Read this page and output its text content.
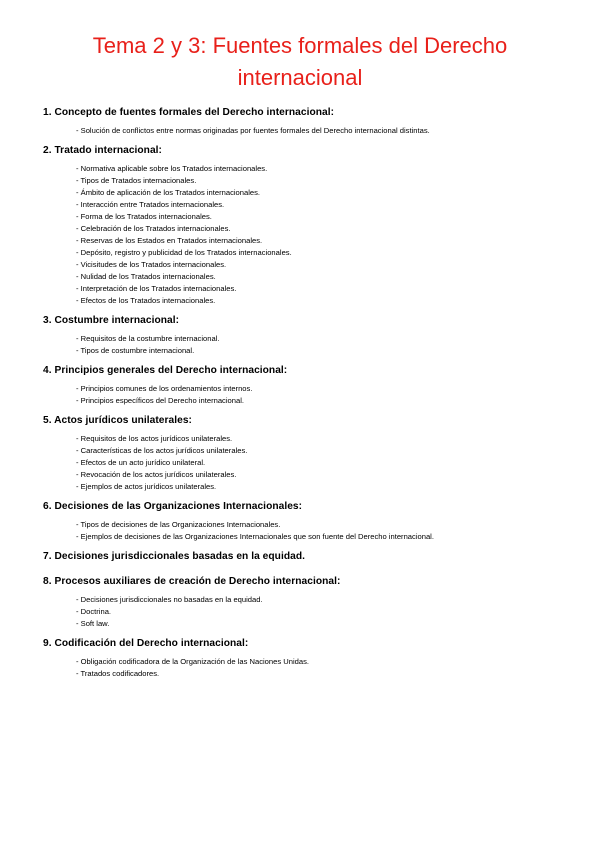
Tema 2 y 3: Fuentes formales del Derecho internacional
1. Concepto de fuentes formales del Derecho internacional:
- Solución de conflictos entre normas originadas por fuentes formales del Derecho internacional distintas.
2. Tratado internacional:
- Normativa aplicable sobre los Tratados internacionales.
- Tipos de Tratados internacionales.
- Ámbito de aplicación de los Tratados internacionales.
- Interacción entre Tratados internacionales.
- Forma de los Tratados internacionales.
- Celebración de los Tratados internacionales.
- Reservas de los Estados en Tratados internacionales.
- Depósito, registro y publicidad de los Tratados internacionales.
- Vicisitudes de los Tratados internacionales.
- Nulidad de los Tratados internacionales.
- Interpretación de los Tratados internacionales.
- Efectos de los Tratados internacionales.
3. Costumbre internacional:
- Requisitos de la costumbre internacional.
- Tipos de costumbre internacional.
4. Principios generales del Derecho internacional:
- Principios comunes de los ordenamientos internos.
- Principios específicos del Derecho internacional.
5. Actos jurídicos unilaterales:
- Requisitos de los actos jurídicos unilaterales.
- Características de los actos jurídicos unilaterales.
- Efectos de un acto jurídico unilateral.
- Revocación de los actos jurídicos unilaterales.
- Ejemplos de actos jurídicos unilaterales.
6. Decisiones de las Organizaciones Internacionales:
- Tipos de decisiones de las Organizaciones Internacionales.
- Ejemplos de decisiones de las Organizaciones Internacionales que son fuente del Derecho internacional.
7. Decisiones jurisdiccionales basadas en la equidad.
8. Procesos auxiliares de creación de Derecho internacional:
- Decisiones jurisdiccionales no basadas en la equidad.
- Doctrina.
- Soft law.
9. Codificación del Derecho internacional:
- Obligación codificadora de la Organización de las Naciones Unidas.
- Tratados codificadores.
